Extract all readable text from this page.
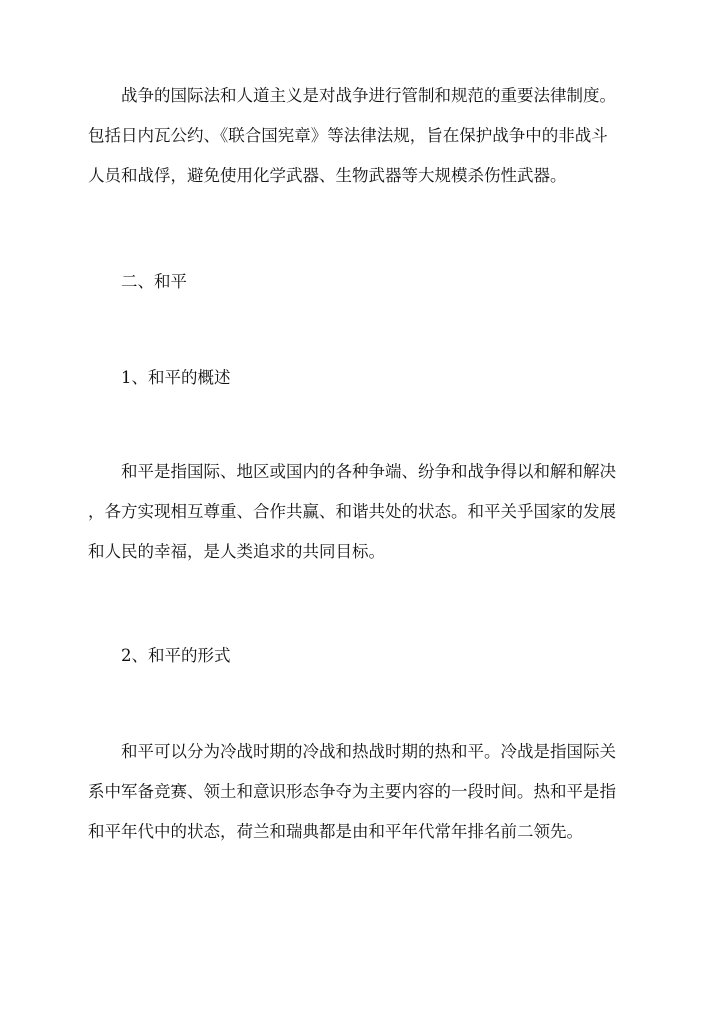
战争的国际法和人道主义是对战争进行管制和规范的重要法律制度。
包括日内瓦公约、《联合国宪章》等法律法规，旨在保护战争中的非战斗
人员和战俘，避免使用化学武器、生物武器等大规模杀伤性武器。
二、和平
1、和平的概述
和平是指国际、地区或国内的各种争端、纷争和战争得以和解和解决
，各方实现相互尊重、合作共赢、和谐共处的状态。和平关乎国家的发展
和人民的幸福，是人类追求的共同目标。
2、和平的形式
和平可以分为冷战时期的冷战和热战时期的热和平。冷战是指国际关
系中军备竞赛、领土和意识形态争夺为主要内容的一段时间。热和平是指
和平年代中的状态，荷兰和瑞典都是由和平年代常年排名前二领先。
